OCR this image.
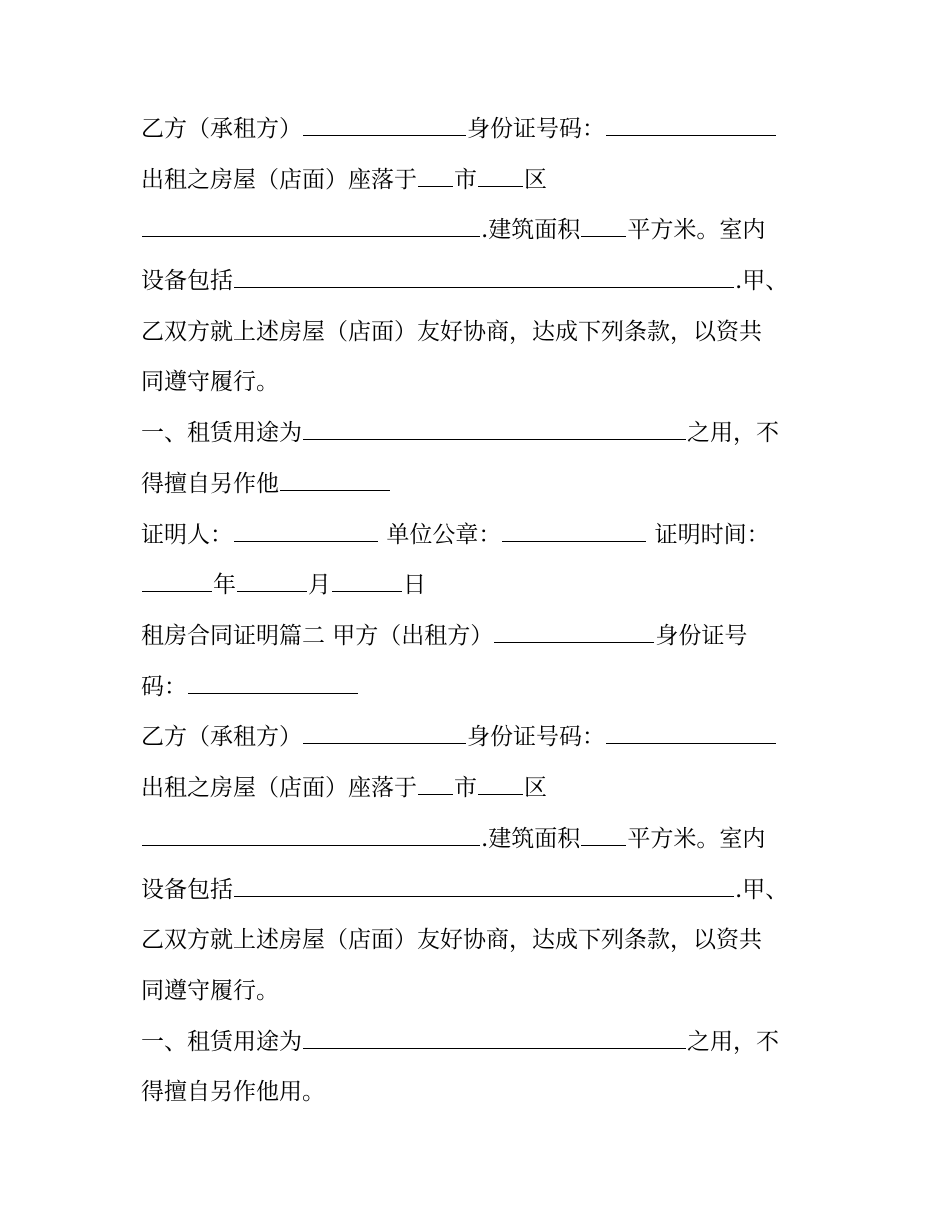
乙方（承租方）	身份证号码：

出租之房屋（店面）座落于 市 区

.建筑面积 平方米。室内

设备包括	.甲、

乙双方就上述房屋（店面）友好协商，达成下列条款，以资共

同遵守履行。

一、租赁用途为	之用，不

得擅自另作他

证明人：	单位公章：	证明时间：

年	月	日

租房合同证明篇二 甲方（出租方）	身份证号

码：

乙方（承租方）	身份证号码：

出租之房屋（店面）座落于 市 区

.建筑面积 平方米。室内

设备包括	.甲、

乙双方就上述房屋（店面）友好协商，达成下列条款，以资共

同遵守履行。

一、租赁用途为	之用，不

得擅自另作他用。
